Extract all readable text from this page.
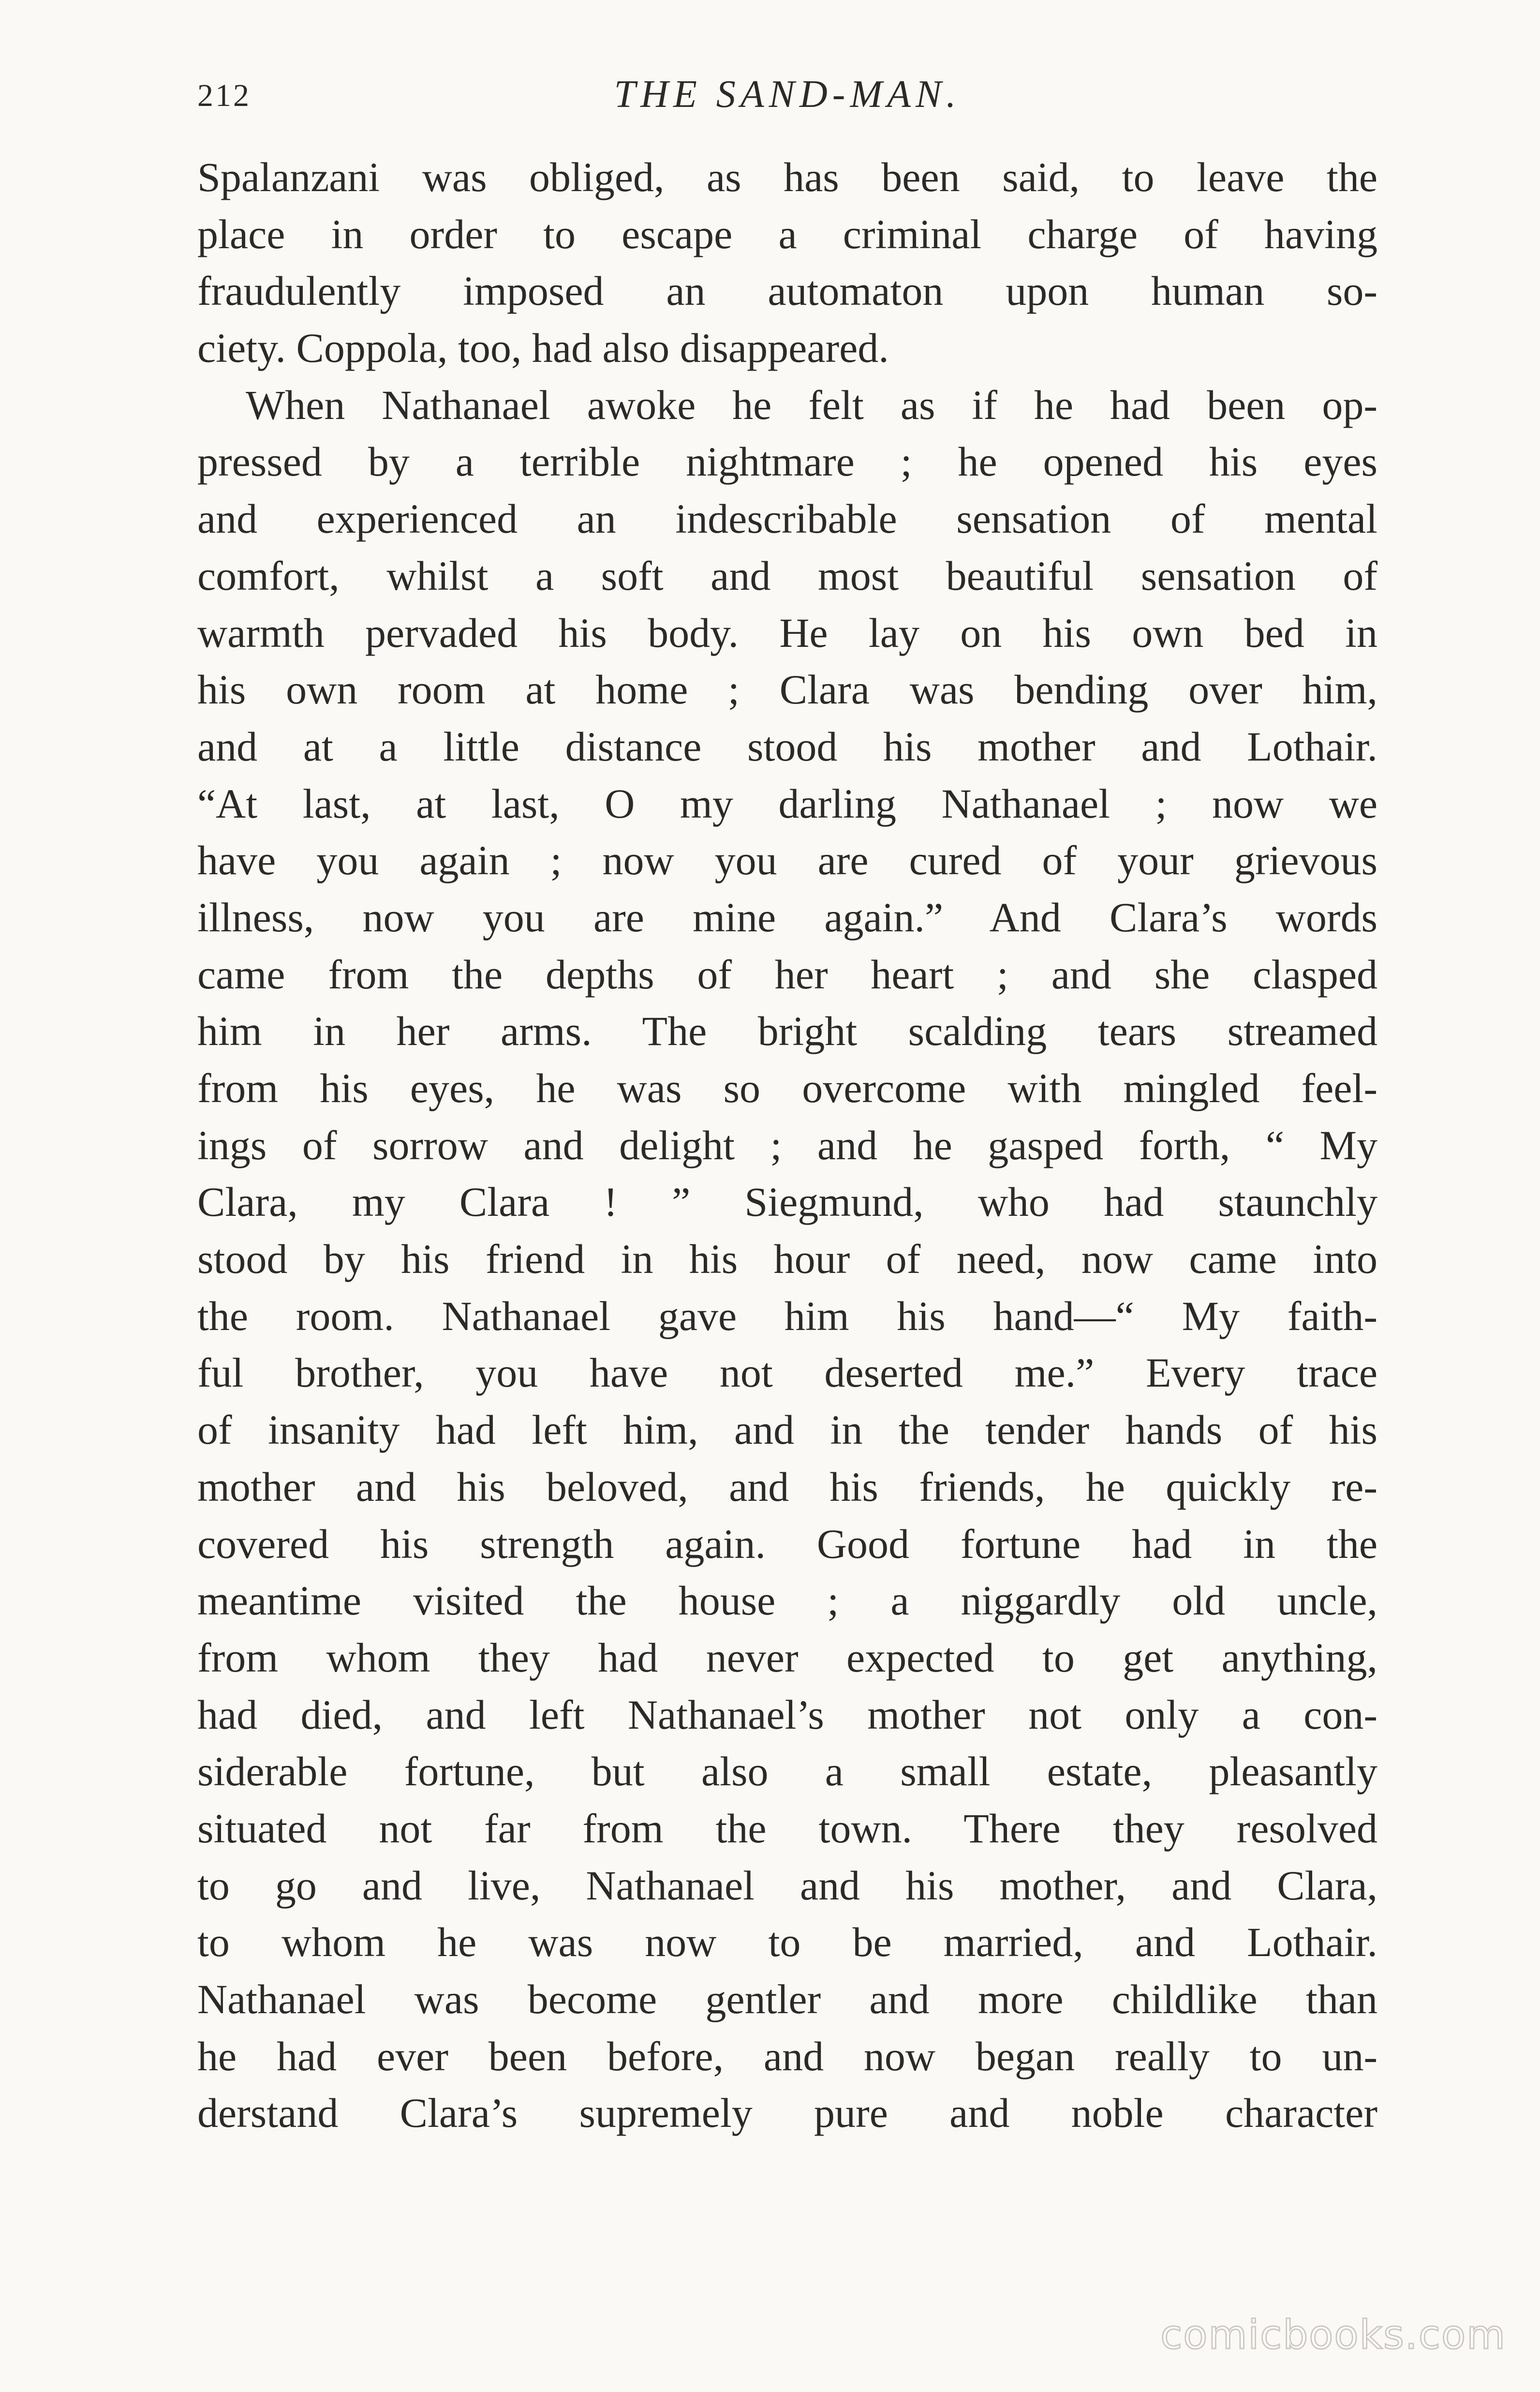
212	THE SAND-MAN.
Spalanzani was obliged, as has been said, to leave the
place in order to escape a criminal charge of having
fraudulently imposed an automaton upon human so-
ciety. Coppola, too, had also disappeared.
When Nathanael awoke he felt as if he had been op-
pressed by a terrible nightmare ; he opened his eyes
and experienced an indescribable sensation of mental
comfort, whilst a soft and most beautiful sensation of
warmth pervaded his body. He lay on his own bed in
his own room at home ; Clara was bending over him,
and at a little distance stood his mother and Lothair.
“At last, at last, O my darling Nathanael ; now we
have you again ; now you are cured of your grievous
illness, now you are mine again.” And Clara’s words
came from the depths of her heart ; and she clasped
him in her arms. The bright scalding tears streamed
from his eyes, he was so overcome with mingled feel-
ings of sorrow and delight ; and he gasped forth, “ My
Clara, my Clara ! ” Siegmund, who had staunchly
stood by his friend in his hour of need, now came into
the room. Nathanael gave him his hand—“ My faith-
ful brother, you have not deserted me.” Every trace
of insanity had left him, and in the tender hands of his
mother and his beloved, and his friends, he quickly re-
covered his strength again. Good fortune had in the
meantime visited the house ; a niggardly old uncle,
from whom they had never expected to get anything,
had died, and left Nathanael’s mother not only a con-
siderable fortune, but also a small estate, pleasantly
situated not far from the town. There they resolved
to go and live, Nathanael and his mother, and Clara,
to whom he was now to be married, and Lothair.
Nathanael was become gentler and more childlike than
he had ever been before, and now began really to un-
derstand Clara’s supremely pure and noble character
comicbooks.com
